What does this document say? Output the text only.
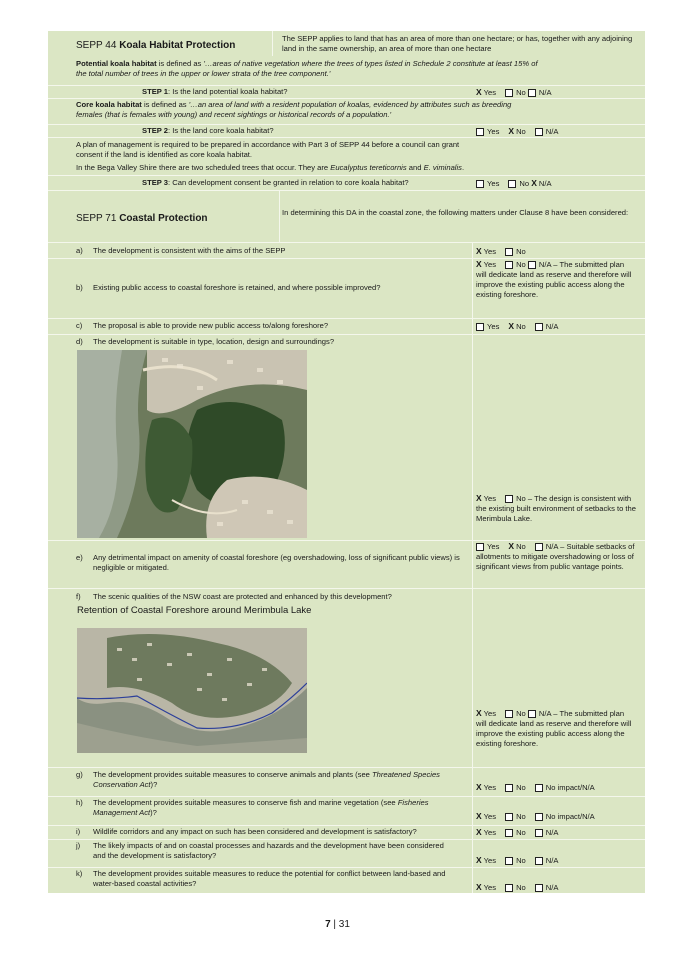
SEPP 44 Koala Habitat Protection
The SEPP applies to land that has an area of more than one hectare; or has, together with any adjoining land in the same ownership, an area of more than one hectare
Potential koala habitat is defined as '…areas of native vegetation where the trees of types listed in Schedule 2 constitute at least 15% of the total number of trees in the upper or lower strata of the tree component.'
STEP 1: Is the land potential koala habitat?	X Yes	No N/A
Core koala habitat is defined as '…an area of land with a resident population of koalas, evidenced by attributes such as breeding females (that is females with young) and recent sightings or historical records of a population.'
STEP 2: Is the land core koala habitat?	Yes X No	N/A
A plan of management is required to be prepared in accordance with Part 3 of SEPP 44 before a council can grant consent if the land is identified as core koala habitat.
In the Bega Valley Shire there are two scheduled trees that occur. They are Eucalyptus tereticornis and E. viminalis.
STEP 3: Can development consent be granted in relation to core koala habitat?	Yes	No X N/A
SEPP 71 Coastal Protection
In determining this DA in the coastal zone, the following matters under Clause 8 have been considered:
a) The development is consistent with the aims of the SEPP	X Yes	No
b) Existing public access to coastal foreshore is retained, and where possible improved?
X Yes	No N/A – The submitted plan will dedicate land as reserve and therefore will improve the existing public access along the existing foreshore.
c) The proposal is able to provide new public access to/along foreshore?	Yes X No	N/A
d) The development is suitable in type, location, design and surroundings?
X Yes	No – The design is consistent with the existing built environment of setbacks to the Merimbula Lake.
e) Any detrimental impact on amenity of coastal foreshore (eg overshadowing, loss of significant public views) is negligible or mitigated.
Yes X No	N/A – Suitable setbacks of allotments to mitigate overshadowing or loss of significant views from public vantage points.
f) The scenic qualities of the NSW coast are protected and enhanced by this development?
Retention of Coastal Foreshore around Merimbula Lake
X Yes	No N/A – The submitted plan will dedicate land as reserve and therefore will improve the existing public access along the existing foreshore.
g) The development provides suitable measures to conserve animals and plants (see Threatened Species Conservation Act)?	X Yes	No	No impact/N/A
h) The development provides suitable measures to conserve fish and marine vegetation (see Fisheries Management Act)?	X Yes	No	No impact/N/A
i) Wildlife corridors and any impact on such has been considered and development is satisfactory?	X Yes	No	N/A
j) The likely impacts of and on coastal processes and hazards and the development have been considered and the development is satisfactory?	X Yes	No	N/A
k) The development provides suitable measures to reduce the potential for conflict between land-based and water-based coastal activities?	X Yes	No	N/A
7 | 31
